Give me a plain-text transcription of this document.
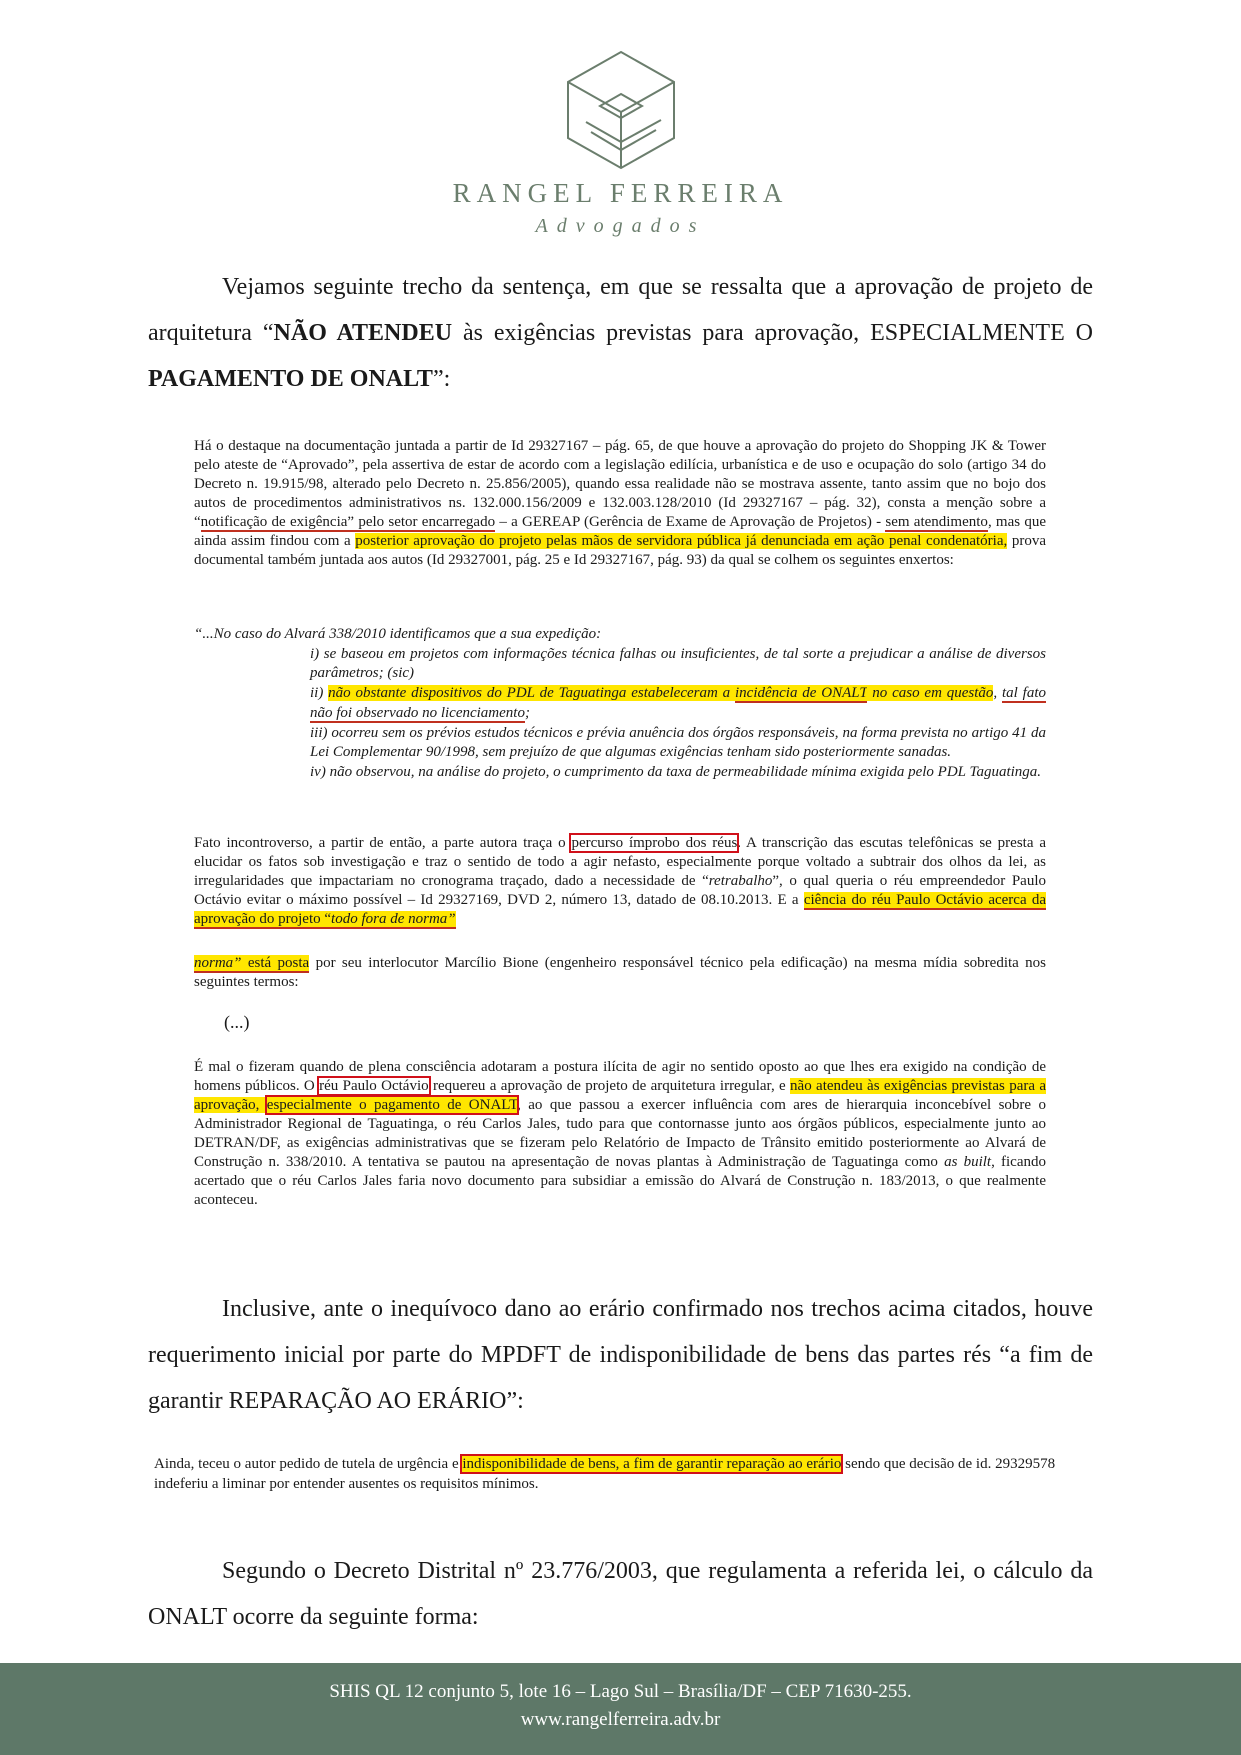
RANGEL FERREIRA
Advogados
Vejamos seguinte trecho da sentença, em que se ressalta que a aprovação de projeto de arquitetura “NÃO ATENDEU às exigências previstas para aprovação, ESPECIALMENTE O PAGAMENTO DE ONALT”:
Há o destaque na documentação juntada a partir de Id 29327167 – pág. 65, de que houve a aprovação do projeto do Shopping JK & Tower pelo ateste de “Aprovado”, pela assertiva de estar de acordo com a legislação edilícia, urbanística e de uso e ocupação do solo (artigo 34 do Decreto n. 19.915/98, alterado pelo Decreto n. 25.856/2005), quando essa realidade não se mostrava assente, tanto assim que no bojo dos autos de procedimentos administrativos ns. 132.000.156/2009 e 132.003.128/2010 (Id 29327167 – pág. 32), consta a menção sobre a “notificação de exigência” pelo setor encarregado – a GEREAP (Gerência de Exame de Aprovação de Projetos) - sem atendimento, mas que ainda assim findou com a posterior aprovação do projeto pelas mãos de servidora pública já denunciada em ação penal condenatória, prova documental também juntada aos autos (Id 29327001, pág. 25 e Id 29327167, pág. 93) da qual se colhem os seguintes enxertos:
“...No caso do Alvará 338/2010 identificamos que a sua expedição:
i) se baseou em projetos com informações técnica falhas ou insuficientes, de tal sorte a prejudicar a análise de diversos parâmetros; (sic)
ii) não obstante dispositivos do PDL de Taguatinga estabeleceram a incidência de ONALT no caso em questão, tal fato não foi observado no licenciamento;
iii) ocorreu sem os prévios estudos técnicos e prévia anuência dos órgãos responsáveis, na forma prevista no artigo 41 da Lei Complementar 90/1998, sem prejuízo de que algumas exigências tenham sido posteriormente sanadas.
iv) não observou, na análise do projeto, o cumprimento da taxa de permeabilidade mínima exigida pelo PDL Taguatinga.
Fato incontroverso, a partir de então, a parte autora traça o percurso ímprobo dos réus. A transcrição das escutas telefônicas se presta a elucidar os fatos sob investigação e traz o sentido de todo a agir nefasto, especialmente porque voltado a subtrair dos olhos da lei, as irregularidades que impactariam no cronograma traçado, dado a necessidade de “retrabalho”, o qual queria o réu empreendedor Paulo Octávio evitar o máximo possível – Id 29327169, DVD 2, número 13, datado de 08.10.2013. E a ciência do réu Paulo Octávio acerca da aprovação do projeto “todo fora de norma”
norma” está posta por seu interlocutor Marcílio Bione (engenheiro responsável técnico pela edificação) na mesma mídia sobredita nos seguintes termos:
(...)
É mal o fizeram quando de plena consciência adotaram a postura ilícita de agir no sentido oposto ao que lhes era exigido na condição de homens públicos. O réu Paulo Octávio requereu a aprovação de projeto de arquitetura irregular, e não atendeu às exigências previstas para a aprovação, especialmente o pagamento de ONALT, ao que passou a exercer influência com ares de hierarquia inconcebível sobre o Administrador Regional de Taguatinga, o réu Carlos Jales, tudo para que contornasse junto aos órgãos públicos, especialmente junto ao DETRAN/DF, as exigências administrativas que se fizeram pelo Relatório de Impacto de Trânsito emitido posteriormente ao Alvará de Construção n. 338/2010. A tentativa se pautou na apresentação de novas plantas à Administração de Taguatinga como as built, ficando acertado que o réu Carlos Jales faria novo documento para subsidiar a emissão do Alvará de Construção n. 183/2013, o que realmente aconteceu.
Inclusive, ante o inequívoco dano ao erário confirmado nos trechos acima citados, houve requerimento inicial por parte do MPDFT de indisponibilidade de bens das partes rés “a fim de garantir REPARAÇÃO AO ERÁRIO”:
Ainda, teceu o autor pedido de tutela de urgência e indisponibilidade de bens, a fim de garantir reparação ao erário sendo que decisão de id. 29329578 indeferiu a liminar por entender ausentes os requisitos mínimos.
Segundo o Decreto Distrital nº 23.776/2003, que regulamenta a referida lei, o cálculo da ONALT ocorre da seguinte forma:
SHIS QL 12 conjunto 5, lote 16 – Lago Sul – Brasília/DF – CEP 71630-255.
www.rangelferreira.adv.br
